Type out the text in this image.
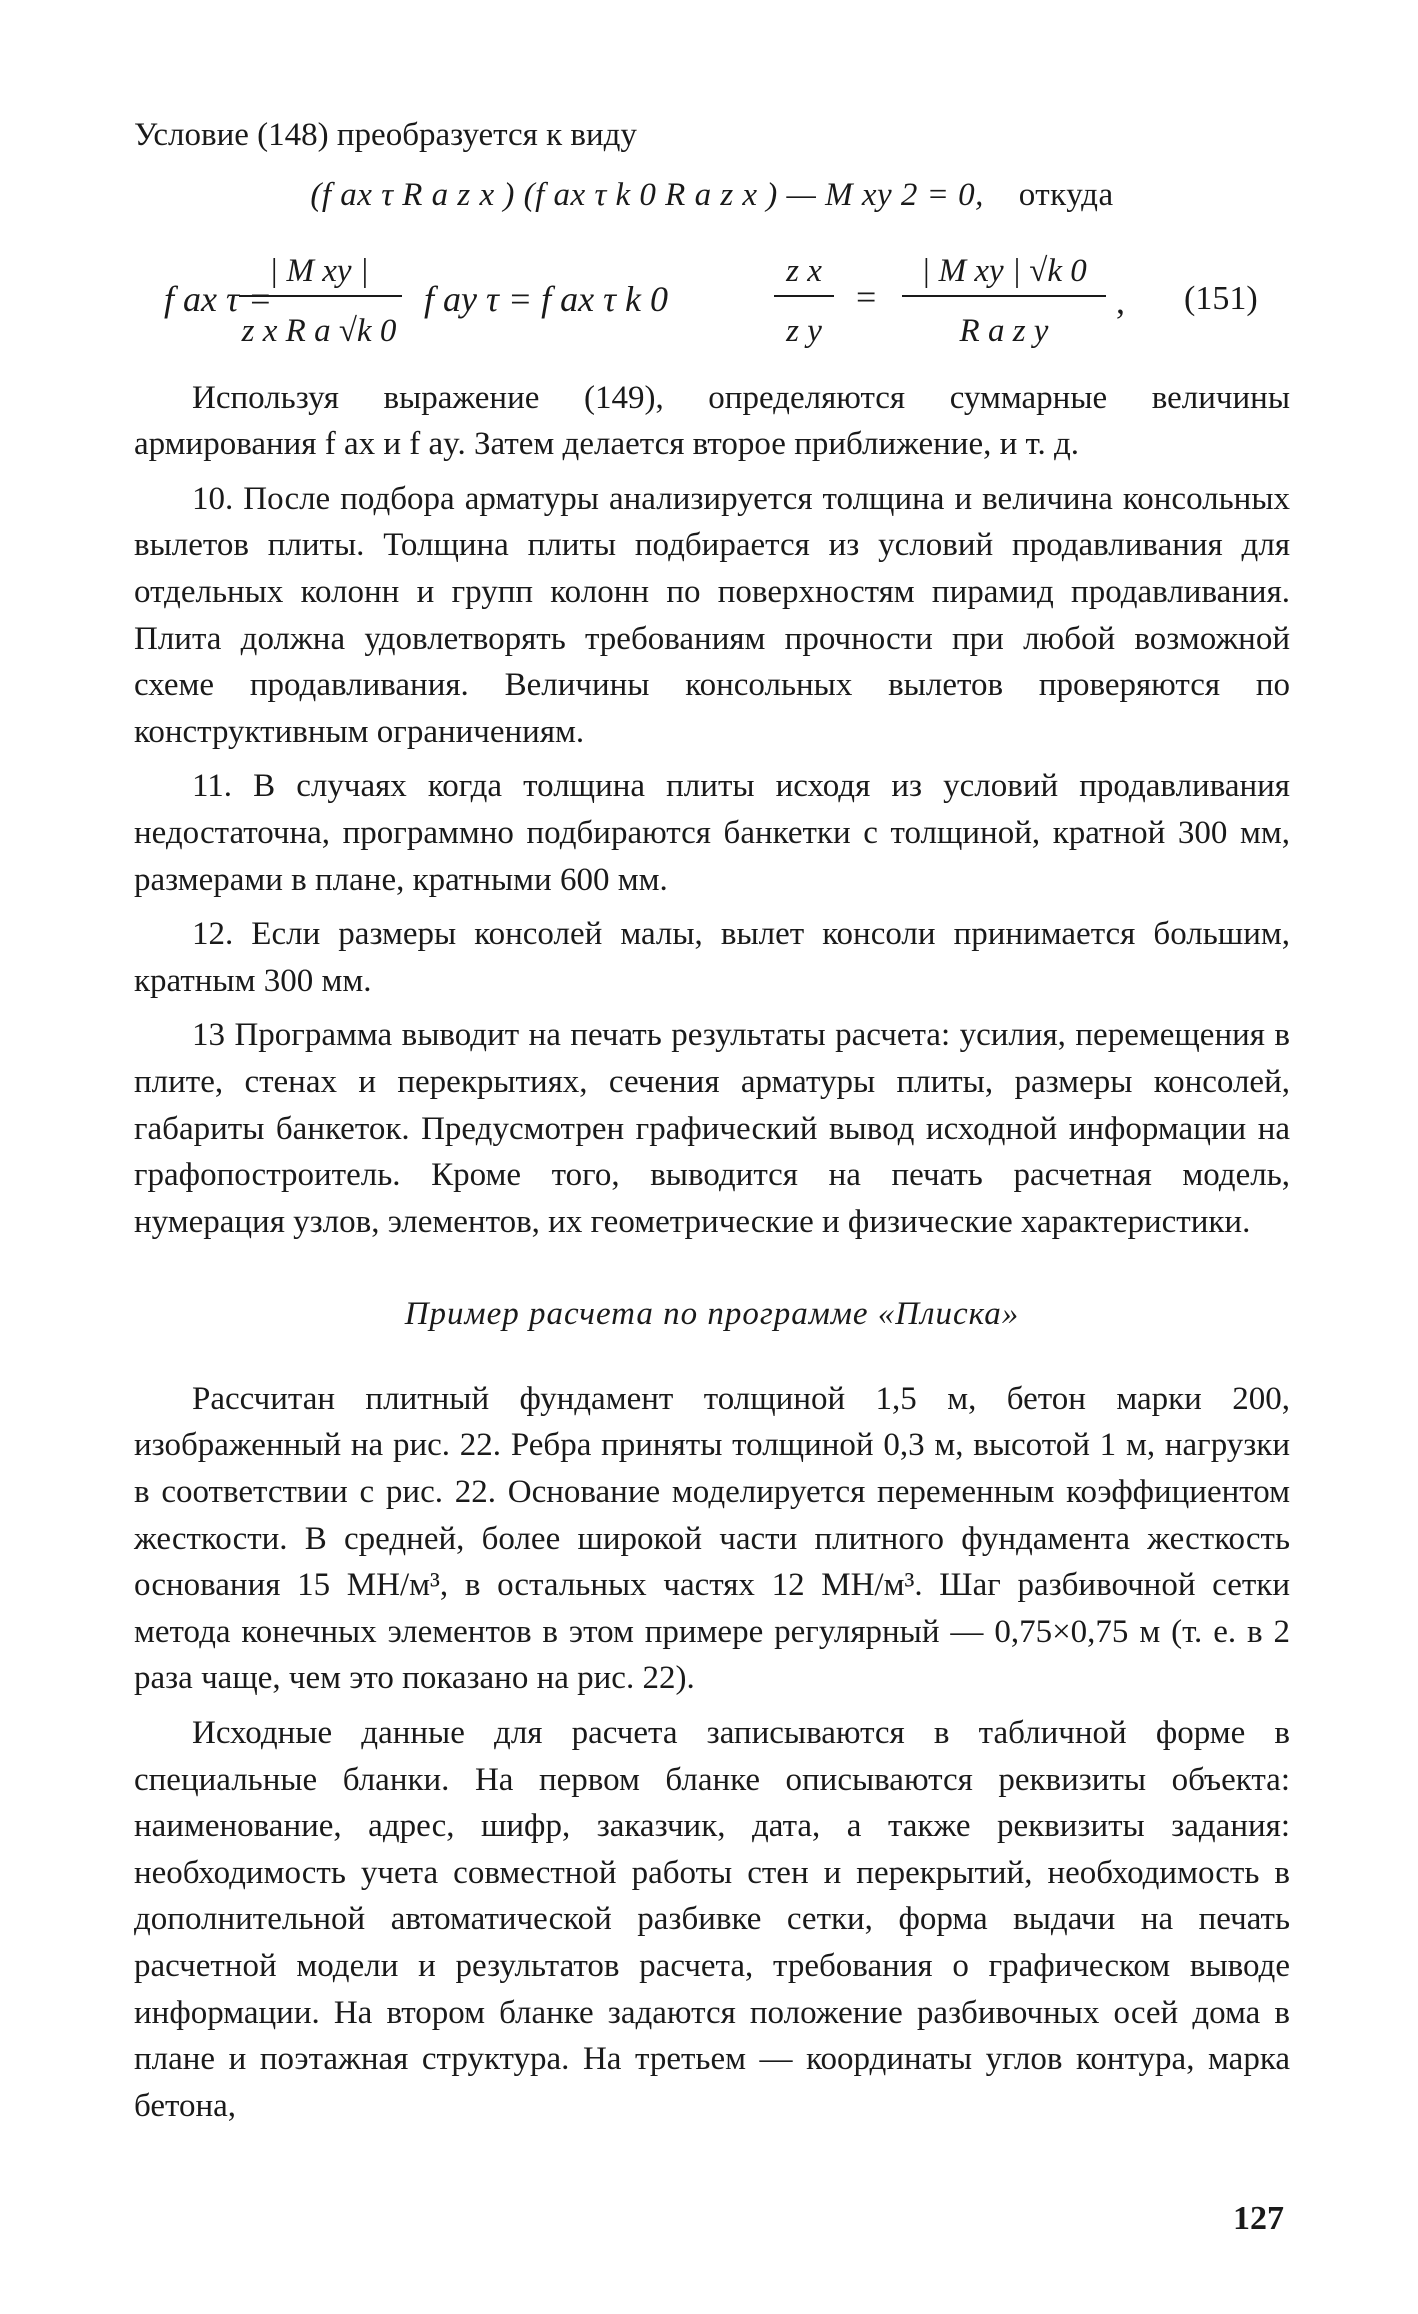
Условие (148) преобразуется к виду

(f ax τ R a z x ) (f ax τ k 0 R a z x ) — M xy 2 = 0, откуда
f ax τ =
| M xy |
z x R a √k 0
f ay τ = f ax τ k 0
z x
z y
=
| M xy | √k 0
R a z y
, (151)

Используя выражение (149), определяются суммарные величины армирования f ax и f ay. Затем делается второе приближение, и т. д.

10. После подбора арматуры анализируется толщина и величина консольных вылетов плиты. Толщина плиты подбирается из условий продавливания для отдельных колонн и групп колонн по поверхностям пирамид продавливания. Плита должна удовлетворять требованиям прочности при любой возможной схеме продавливания. Величины консольных вылетов проверяются по конструктивным ограничениям.

11. В случаях когда толщина плиты исходя из условий продавливания недостаточна, программно подбираются банкетки с толщиной, кратной 300 мм, размерами в плане, кратными 600 мм.

12. Если размеры консолей малы, вылет консоли принимается большим, кратным 300 мм.

13 Программа выводит на печать результаты расчета: усилия, перемещения в плите, стенах и перекрытиях, сечения арматуры плиты, размеры консолей, габариты банкеток. Предусмотрен графический вывод исходной информации на графопостроитель. Кроме того, выводится на печать расчетная модель, нумерация узлов, элементов, их геометрические и физические характеристики.

Пример расчета по программе «Плиска»

Рассчитан плитный фундамент толщиной 1,5 м, бетон марки 200, изображенный на рис. 22. Ребра приняты толщиной 0,3 м, высотой 1 м, нагрузки в соответствии с рис. 22. Основание моделируется переменным коэффициентом жесткости. В средней, более широкой части плитного фундамента жесткость основания 15 МН/м³, в остальных частях 12 МН/м³. Шаг разбивочной сетки метода конечных элементов в этом примере регулярный — 0,75×0,75 м (т. е. в 2 раза чаще, чем это показано на рис. 22).

Исходные данные для расчета записываются в табличной форме в специальные бланки. На первом бланке описываются реквизиты объекта: наименование, адрес, шифр, заказчик, дата, а также реквизиты задания: необходимость учета совместной работы стен и перекрытий, необходимость в дополнительной автоматической разбивке сетки, форма выдачи на печать расчетной модели и результатов расчета, требования о графическом выводе информации. На втором бланке задаются положение разбивочных осей дома в плане и поэтажная структура. На третьем — координаты углов контура, марка бетона,

127
